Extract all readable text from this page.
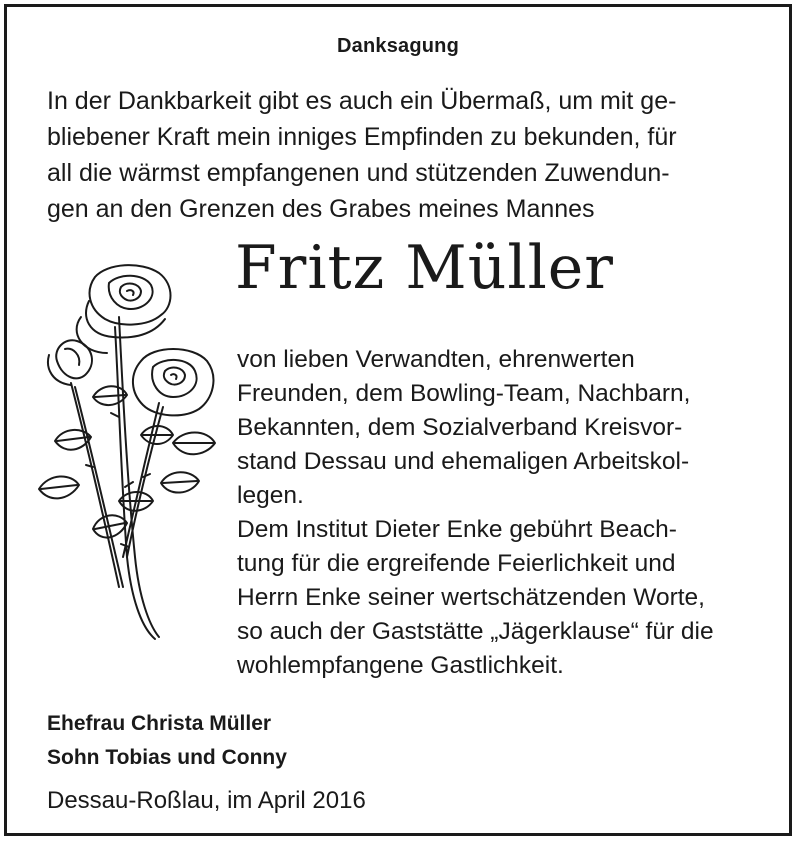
Danksagung
In der Dankbarkeit gibt es auch ein Übermaß, um mit ge-
bliebener Kraft mein inniges Empfinden zu bekunden, für
all die wärmst empfangenen und stützenden Zuwendun-
gen an den Grenzen des Grabes meines Mannes
Fritz Müller
von lieben Verwandten, ehrenwerten
Freunden, dem Bowling-Team, Nachbarn,
Bekannten, dem Sozialverband Kreisvor-
stand Dessau und ehemaligen Arbeitskol-
legen.
Dem Institut Dieter Enke gebührt Beach-
tung für die ergreifende Feierlichkeit und
Herrn Enke seiner wertschätzenden Worte,
so auch der Gaststätte „Jägerklause“ für die
wohlempfangene Gastlichkeit.
Ehefrau Christa Müller
Sohn Tobias und Conny
Dessau-Roßlau, im April 2016
